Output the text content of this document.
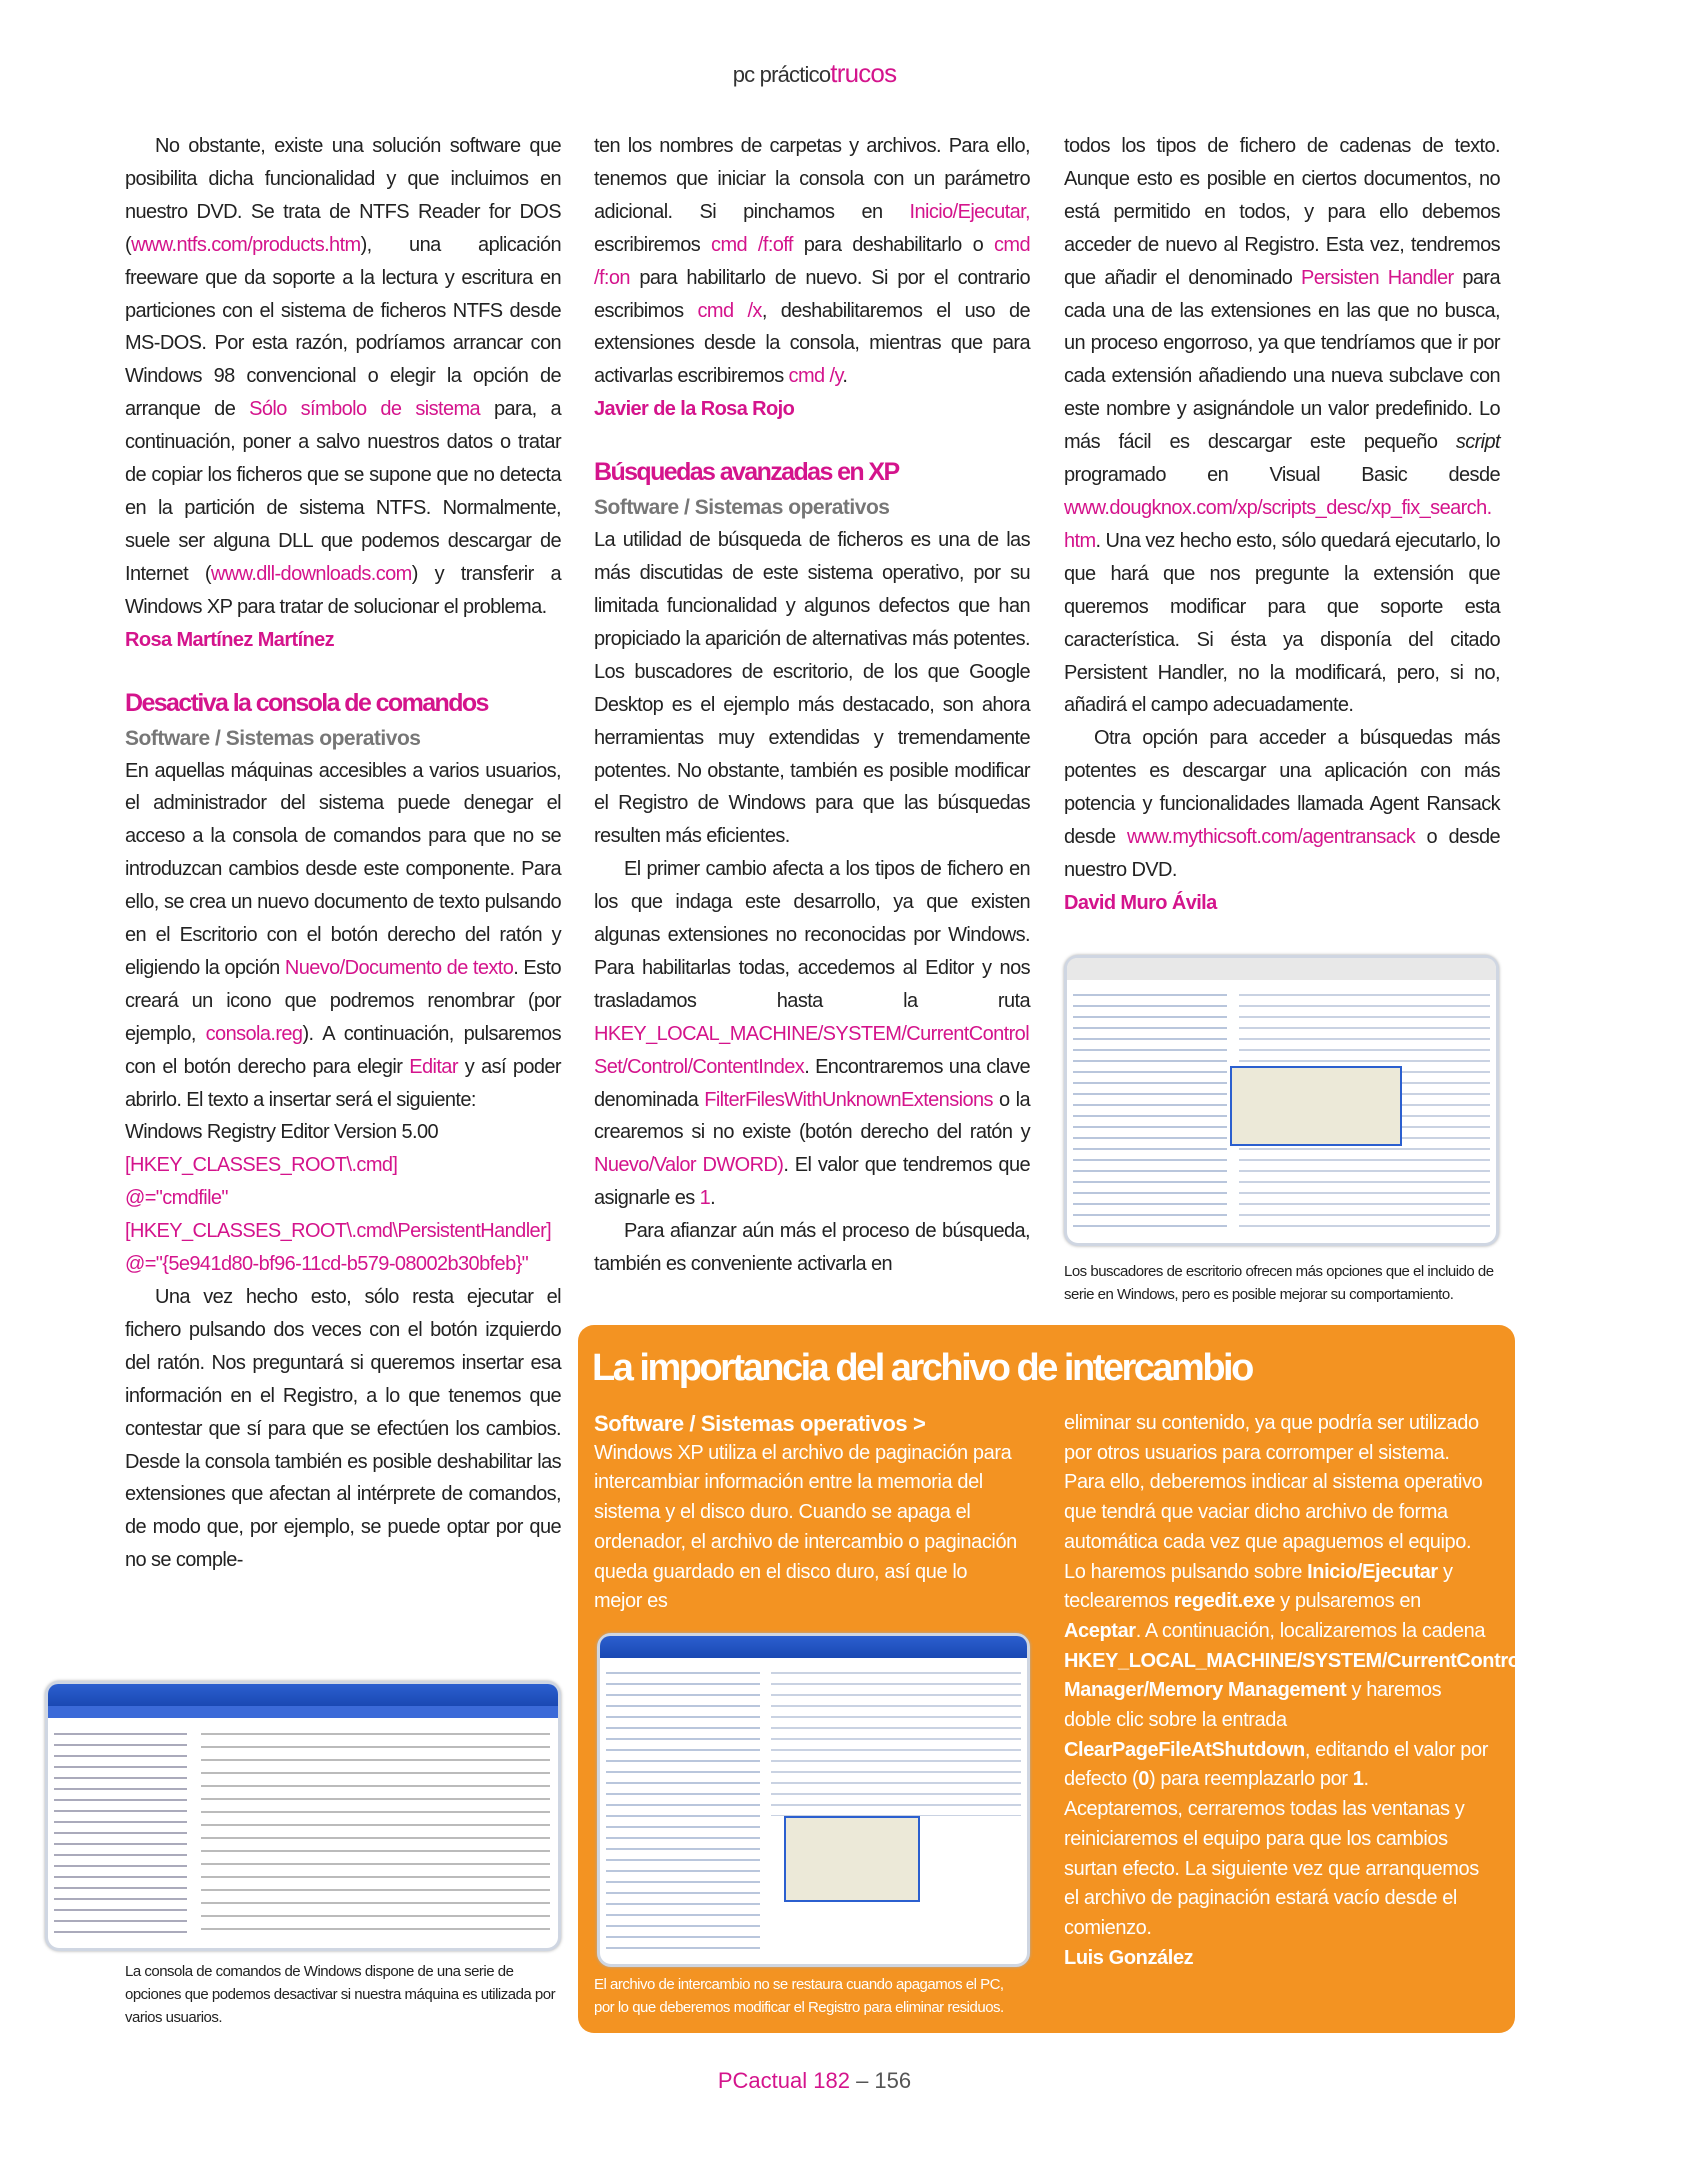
pc prácticotrucos

No obstante, existe una solución software que posibilita dicha funcionalidad y que incluimos en nuestro DVD. Se trata de NTFS Reader for DOS (www.ntfs.com/products.htm), una aplicación freeware que da soporte a la lectura y escritura en particiones con el sistema de ficheros NTFS desde MS-DOS. Por esta razón, podríamos arrancar con Windows 98 convencional o elegir la opción de arranque de Sólo símbolo de sistema para, a continuación, poner a salvo nuestros datos o tratar de copiar los ficheros que se supone que no detecta en la partición de sistema NTFS. Normalmente, suele ser alguna DLL que podemos descargar de Internet (www.dll-downloads.com) y transferir a Windows XP para tratar de solucionar el problema.

Rosa Martínez Martínez

Desactiva la consola de comandos
Software / Sistemas operativos

En aquellas máquinas accesibles a varios usuarios, el administrador del sistema puede denegar el acceso a la consola de comandos para que no se introduzcan cambios desde este componente. Para ello, se crea un nuevo documento de texto pulsando en el Escritorio con el botón derecho del ratón y eligiendo la opción Nuevo/Documento de texto. Esto creará un icono que podremos renombrar (por ejemplo, consola.reg). A continuación, pulsaremos con el botón derecho para elegir Editar y así poder abrirlo. El texto a insertar será el siguiente:

Windows Registry Editor Version 5.00
[HKEY_CLASSES_ROOT\.cmd]
@="cmdfile"
[HKEY_CLASSES_ROOT\.cmd\PersistentHandler]
@="{5e941d80-bf96-11cd-b579-08002b30bfeb}"

Una vez hecho esto, sólo resta ejecutar el fichero pulsando dos veces con el botón izquierdo del ratón. Nos preguntará si queremos insertar esa información en el Registro, a lo que tenemos que contestar que sí para que se efectúen los cambios. Desde la consola también es posible deshabilitar las extensiones que afectan al intérprete de comandos, de modo que, por ejemplo, se puede optar por que no se comple-

ten los nombres de carpetas y archivos. Para ello, tenemos que iniciar la consola con un parámetro adicional. Si pinchamos en Inicio/Ejecutar, escribiremos cmd /f:off para deshabilitarlo o cmd /f:on para habilitarlo de nuevo. Si por el contrario escribimos cmd /x, deshabilitaremos el uso de extensiones desde la consola, mientras que para activarlas escribiremos cmd /y.

Javier de la Rosa Rojo

Búsquedas avanzadas en XP
Software / Sistemas operativos

La utilidad de búsqueda de ficheros es una de las más discutidas de este sistema operativo, por su limitada funcionalidad y algunos defectos que han propiciado la aparición de alternativas más potentes. Los buscadores de escritorio, de los que Google Desktop es el ejemplo más destacado, son ahora herramientas muy extendidas y tremendamente potentes. No obstante, también es posible modificar el Registro de Windows para que las búsquedas resulten más eficientes.

El primer cambio afecta a los tipos de fichero en los que indaga este desarrollo, ya que existen algunas extensiones no reconocidas por Windows. Para habilitarlas todas, accedemos al Editor y nos trasladamos hasta la ruta HKEY_LOCAL_MACHINE/SYSTEM/CurrentControlSet/Control/ContentIndex. Encontraremos una clave denominada FilterFilesWithUnknownExtensions o la crearemos si no existe (botón derecho del ratón y Nuevo/Valor DWORD). El valor que tendremos que asignarle es 1.

Para afianzar aún más el proceso de búsqueda, también es conveniente activarla en

todos los tipos de fichero de cadenas de texto. Aunque esto es posible en ciertos documentos, no está permitido en todos, y para ello debemos acceder de nuevo al Registro. Esta vez, tendremos que añadir el denominado Persisten Handler para cada una de las extensiones en las que no busca, un proceso engorroso, ya que tendríamos que ir por cada extensión añadiendo una nueva subclave con este nombre y asignándole un valor predefinido. Lo más fácil es descargar este pequeño script programado en Visual Basic desde www.dougknox.com/xp/scripts_desc/xp_fix_search.htm. Una vez hecho esto, sólo quedará ejecutarlo, lo que hará que nos pregunte la extensión que queremos modificar para que soporte esta característica. Si ésta ya disponía del citado Persistent Handler, no la modificará, pero, si no, añadirá el campo adecuadamente.

Otra opción para acceder a búsquedas más potentes es descargar una aplicación con más potencia y funcionalidades llamada Agent Ransack desde www.mythicsoft.com/agentransack o desde nuestro DVD.

David Muro Ávila

Los buscadores de escritorio ofrecen más opciones que el incluido de serie en Windows, pero es posible mejorar su comportamiento.
La consola de comandos de Windows dispone de una serie de opciones que podemos desactivar si nuestra máquina es utilizada por varios usuarios.
La importancia del archivo de intercambio
Software / Sistemas operativos >
Windows XP utiliza el archivo de paginación para intercambiar información entre la memoria del sistema y el disco duro. Cuando se apaga el ordenador, el archivo de intercambio o paginación queda guardado en el disco duro, así que lo mejor es
El archivo de intercambio no se restaura cuando apagamos el PC, por lo que deberemos modificar el Registro para eliminar residuos.
eliminar su contenido, ya que podría ser utilizado por otros usuarios para corromper el sistema. Para ello, deberemos indicar al sistema operativo que tendrá que vaciar dicho archivo de forma automática cada vez que apaguemos el equipo. Lo haremos pulsando sobre Inicio/Ejecutar y teclearemos regedit.exe y pulsaremos en Aceptar. A continuación, localizaremos la cadena HKEY_LOCAL_MACHINE/SYSTEM/CurrentControlSet/Control/Sesion Manager/Memory Management y haremos doble clic sobre la entrada ClearPageFileAtShutdown, editando el valor por defecto (0) para reemplazarlo por 1. Aceptaremos, cerraremos todas las ventanas y reiniciaremos el equipo para que los cambios surtan efecto. La siguiente vez que arranquemos el archivo de paginación estará vacío desde el comienzo.
Luis González
PCactual 182 – 156
